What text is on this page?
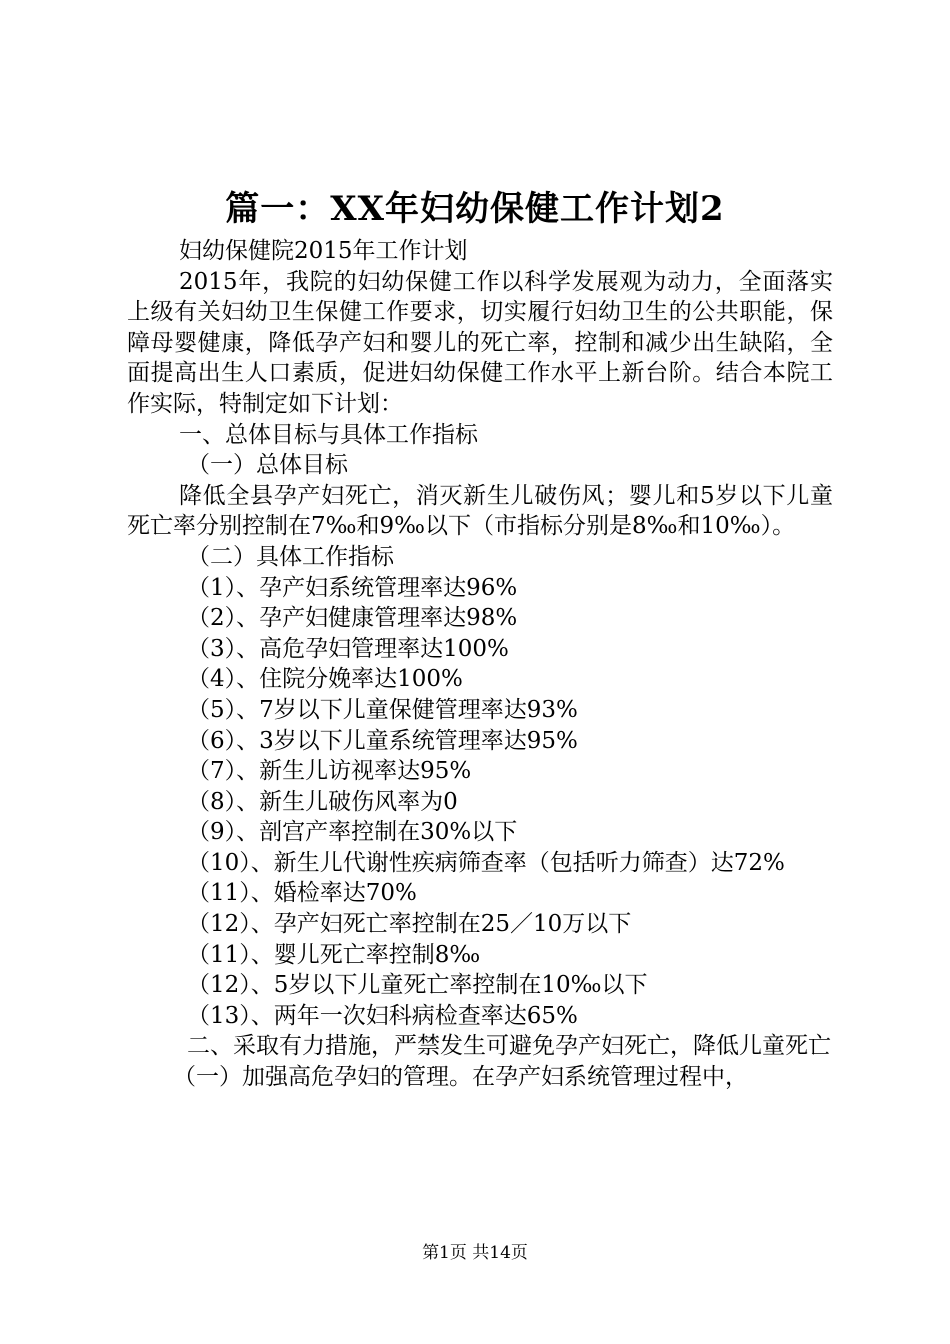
篇一：XX年妇幼保健工作计划2

妇幼保健院2015年工作计划

2015年，我院的妇幼保健工作以科学发展观为动力，全面落实上级有关妇幼卫生保健工作要求，切实履行妇幼卫生的公共职能，保障母婴健康，降低孕产妇和婴儿的死亡率，控制和减少出生缺陷，全面提高出生人口素质，促进妇幼保健工作水平上新台阶。结合本院工作实际，特制定如下计划：

一、总体目标与具体工作指标

（一）总体目标

降低全县孕产妇死亡，消灭新生儿破伤风；婴儿和5岁以下儿童死亡率分别控制在7‰和9‰以下（市指标分别是8‰和10‰）。

（二）具体工作指标

（1）、孕产妇系统管理率达96%

（2）、孕产妇健康管理率达98%

（3）、高危孕妇管理率达100%

（4）、住院分娩率达100%

（5）、7岁以下儿童保健管理率达93%

（6）、3岁以下儿童系统管理率达95%

（7）、新生儿访视率达95%

（8）、新生儿破伤风率为0

（9）、剖宫产率控制在30%以下

（10）、新生儿代谢性疾病筛查率（包括听力筛查）达72%

（11）、婚检率达70%

（12）、孕产妇死亡率控制在25／10万以下

（11）、婴儿死亡率控制8‰

（12）、5岁以下儿童死亡率控制在10‰以下

（13）、两年一次妇科病检查率达65%

二、采取有力措施，严禁发生可避免孕产妇死亡，降低儿童死亡

（一）加强高危孕妇的管理。在孕产妇系统管理过程中，

第1页 共14页
